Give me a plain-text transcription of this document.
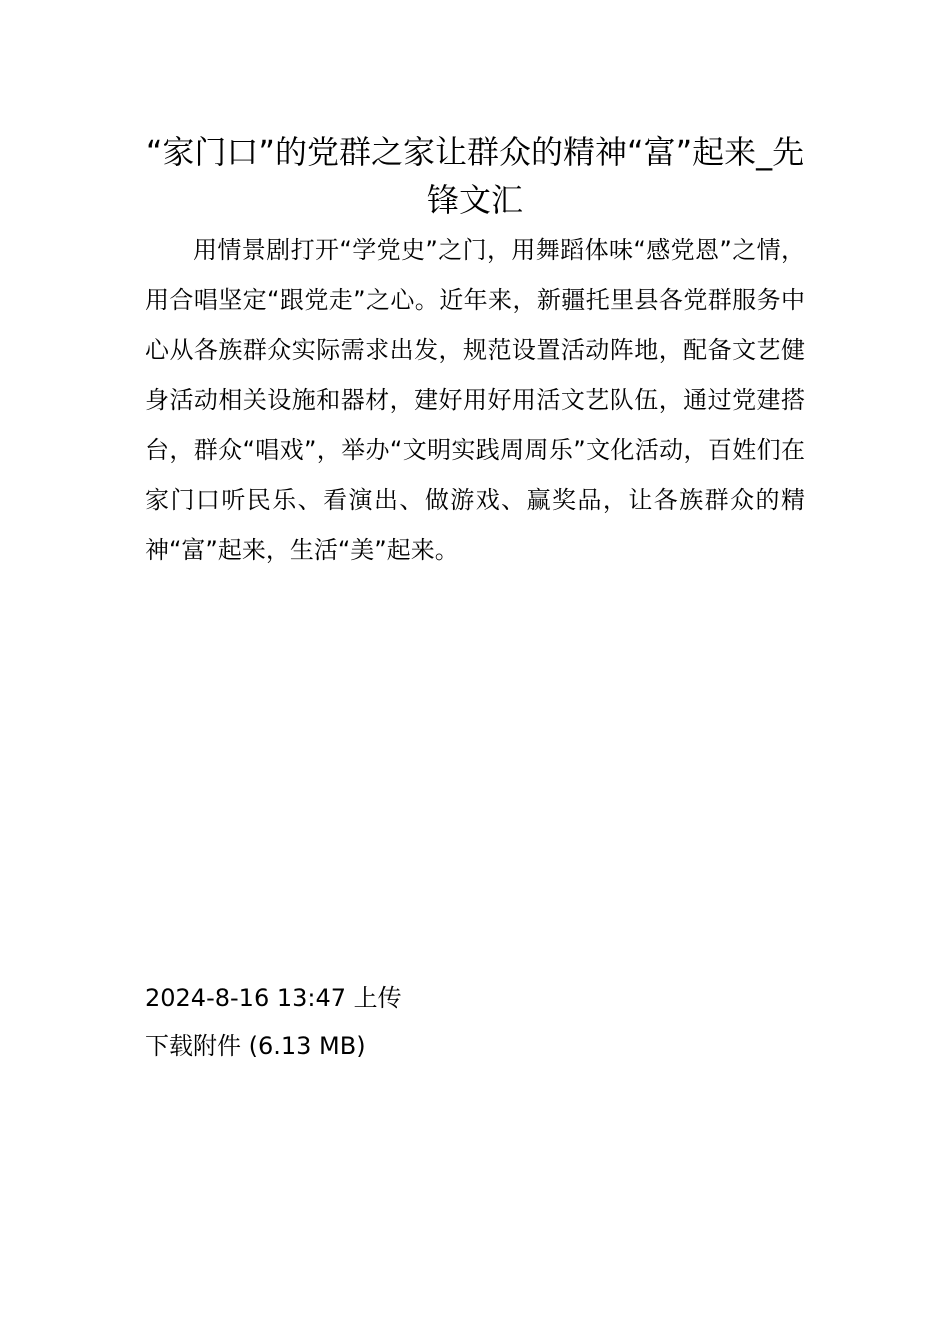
“家门口”的党群之家让群众的精神“富”起来_先锋文汇

用情景剧打开“学党史”之门，用舞蹈体味“感党恩”之情，用合唱坚定“跟党走”之心。近年来，新疆托里县各党群服务中心从各族群众实际需求出发，规范设置活动阵地，配备文艺健身活动相关设施和器材，建好用好用活文艺队伍，通过党建搭台，群众“唱戏”，举办“文明实践周周乐”文化活动，百姓们在家门口听民乐、看演出、做游戏、赢奖品，让各族群众的精神“富”起来，生活“美”起来。

2024-8-16 13:47 上传
下载附件 (6.13 MB)
